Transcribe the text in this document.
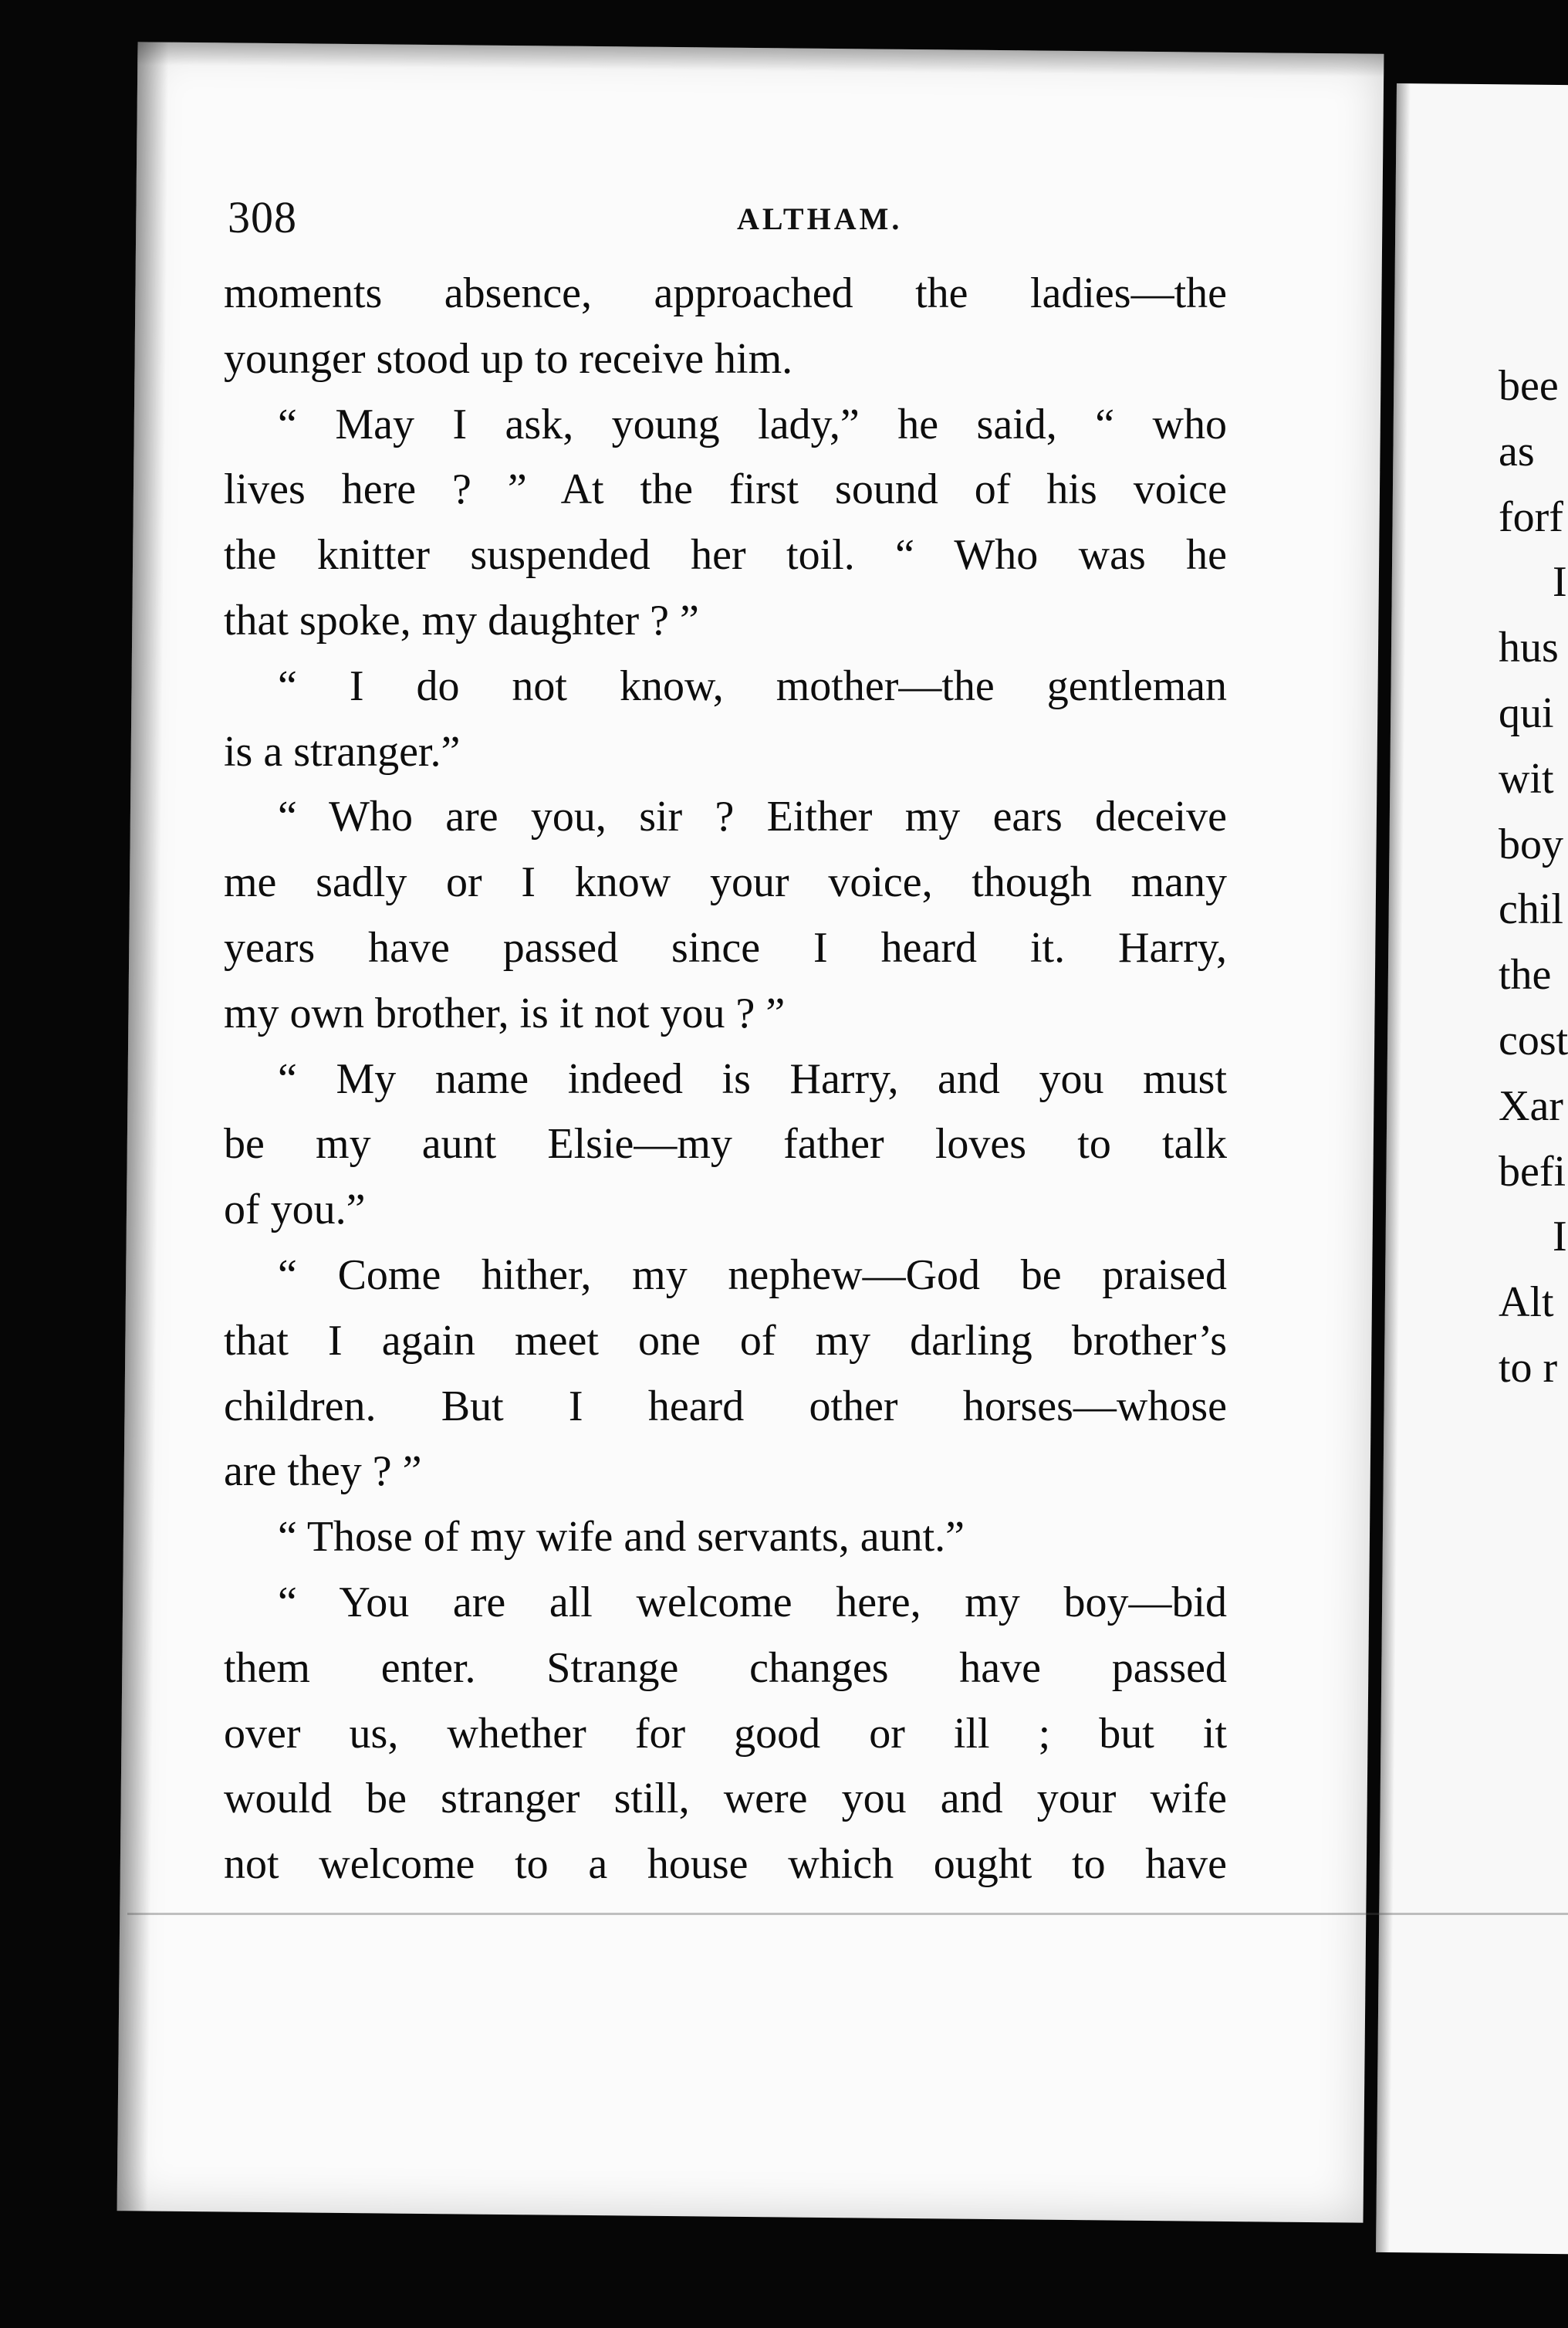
308	ALTHAM.
moments absence, approached the ladies—the
younger stood up to receive him.
“ May I ask, young lady,” he said, “ who
lives here ? ” At the first sound of his voice
the knitter suspended her toil. “ Who was he
that spoke, my daughter ? ”
“ I do not know, mother—the gentleman
is a stranger.”
“ Who are you, sir ? Either my ears deceive
me sadly or I know your voice, though many
years have passed since I heard it. Harry,
my own brother, is it not you ? ”
“ My name indeed is Harry, and you must
be my aunt Elsie—my father loves to talk
of you.”
“ Come hither, my nephew—God be praised
that I again meet one of my darling brother’s
children. But I heard other horses—whose
are they ? ”
“ Those of my wife and servants, aunt.”
“ You are all welcome here, my boy—bid
them enter. Strange changes have passed
over us, whether for good or ill ; but it
would be stranger still, were you and your wife
not welcome to a house which ought to have
bee
as
forf
I
hus
qui
wit
boy
chil
the
cost
Xar
befi
I
Alt
to r
